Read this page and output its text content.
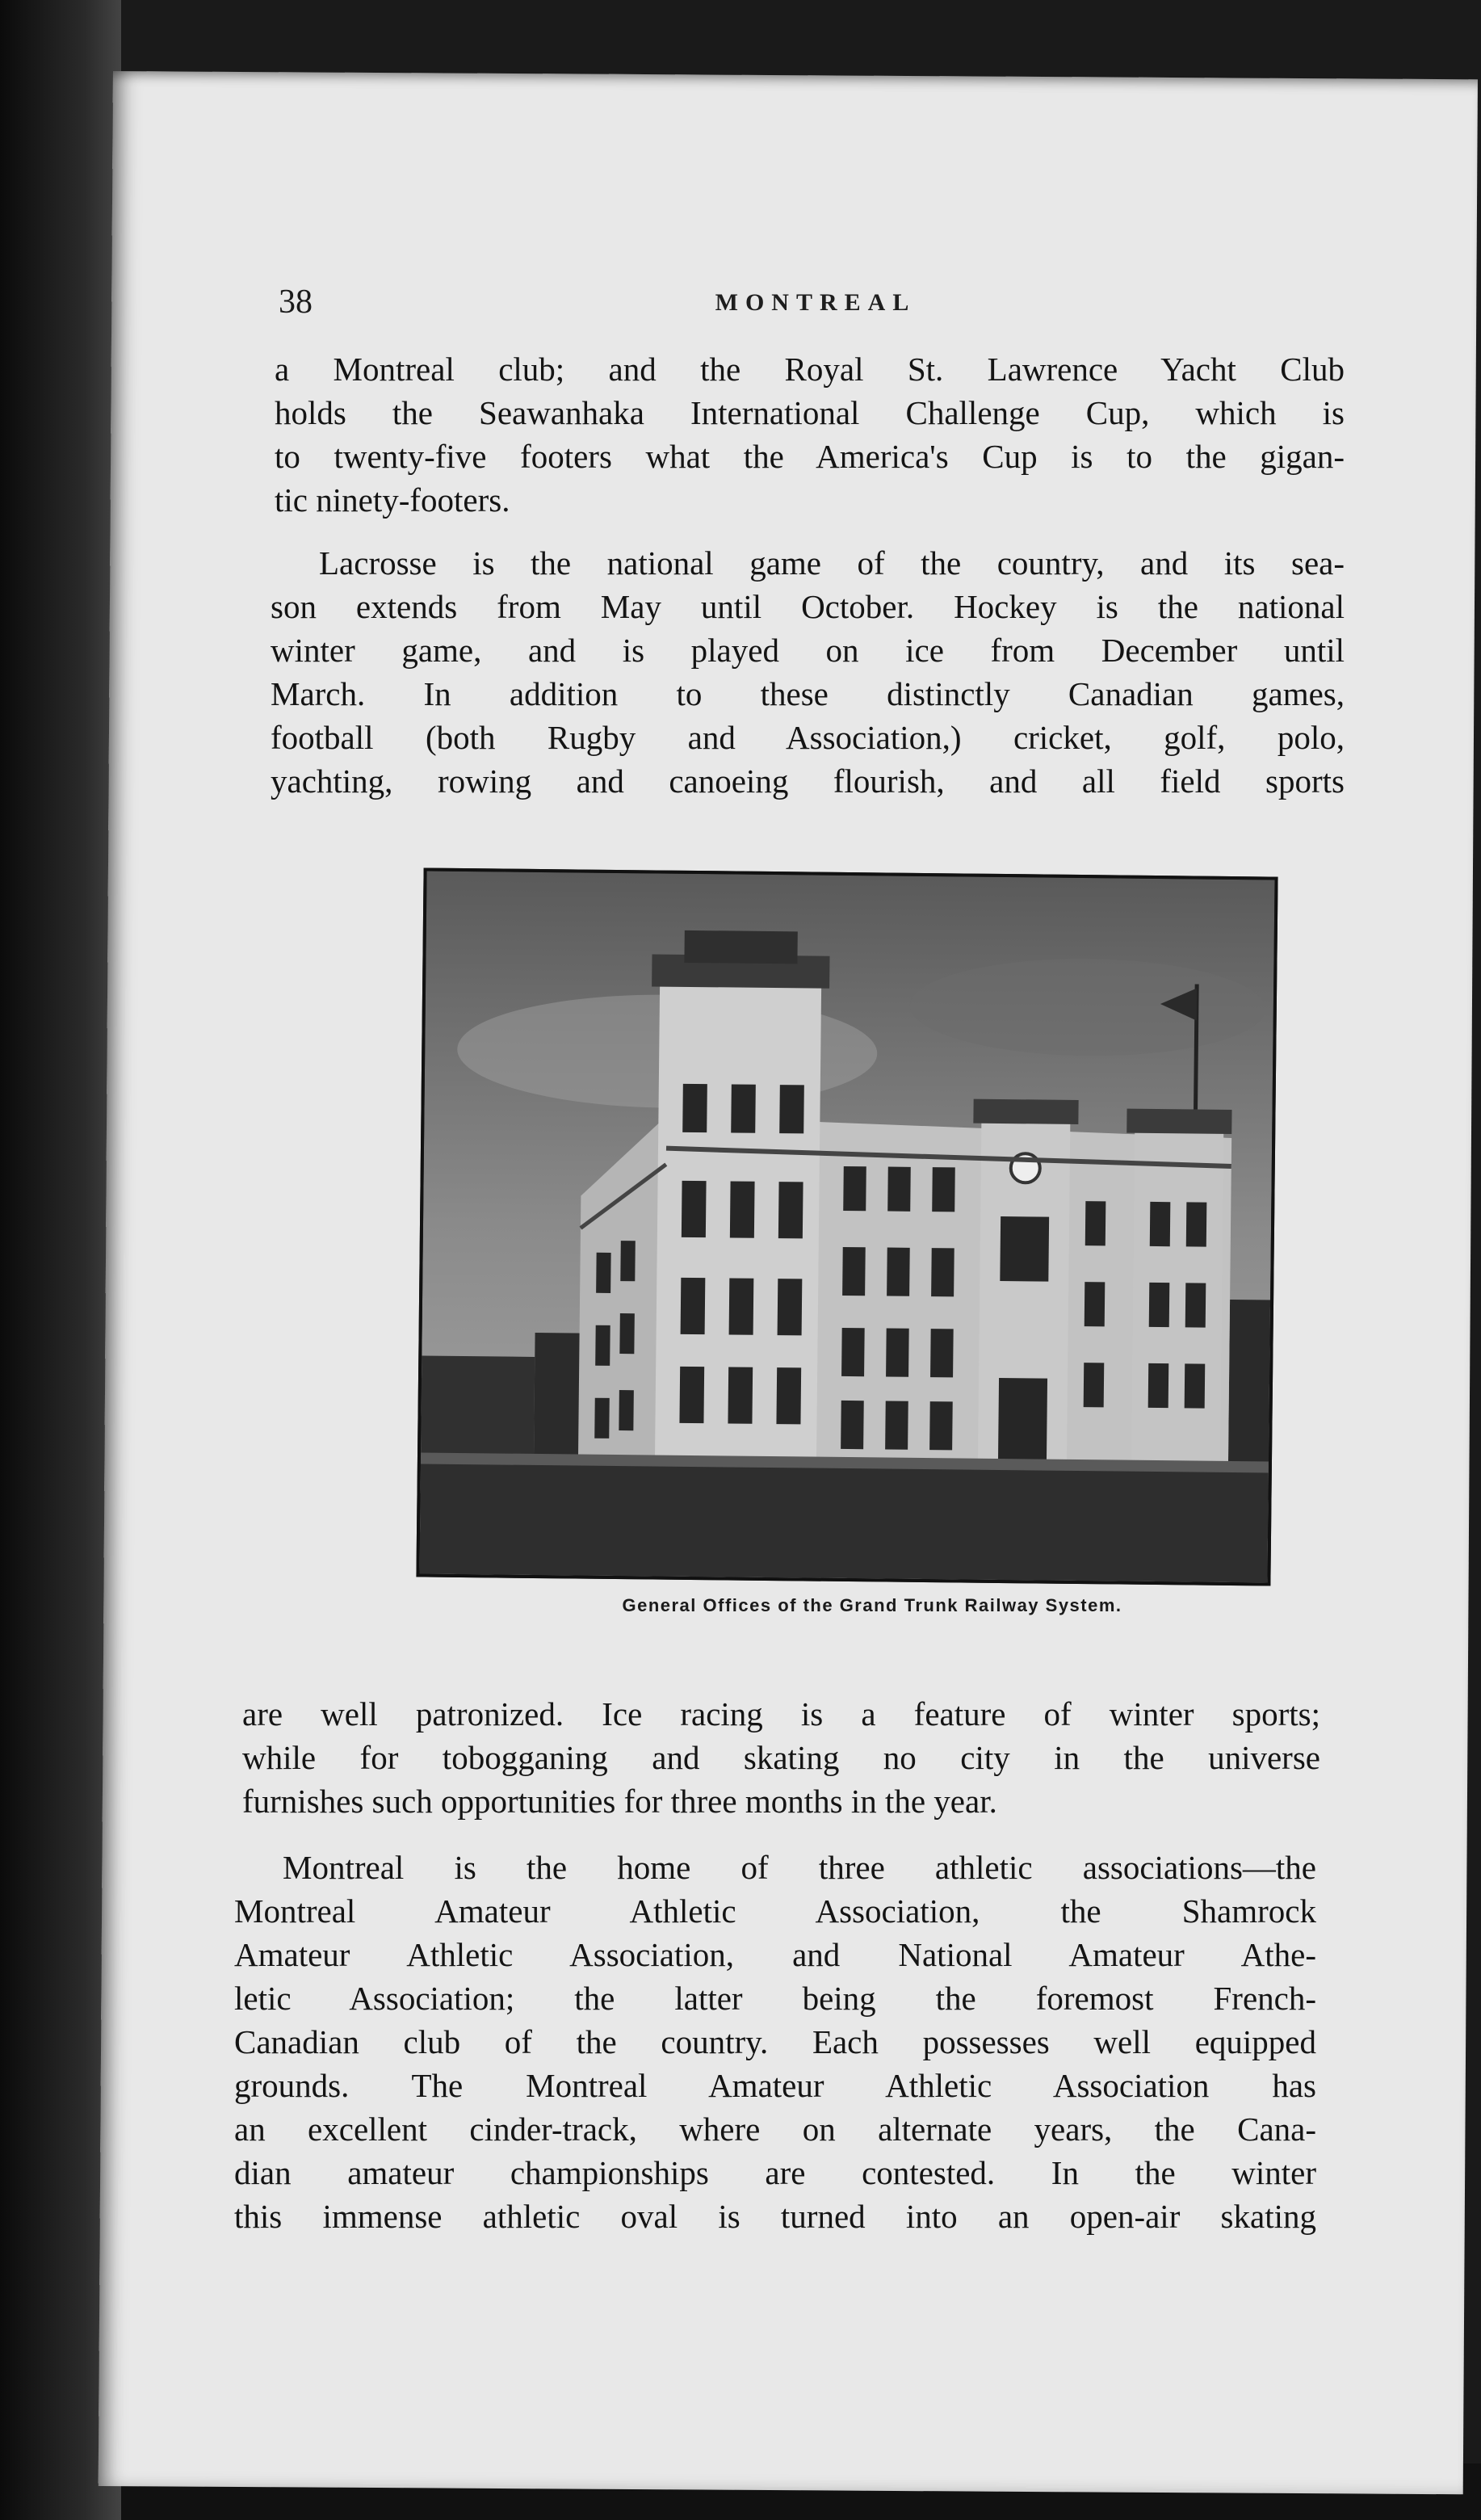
38	MONTREAL

a Montreal club; and the Royal St. Lawrence Yacht Club
holds the Seawanhaka International Challenge Cup, which is
to twenty-five footers what the America's Cup is to the gigan-
tic ninety-footers.

Lacrosse is the national game of the country, and its sea-
son extends from May until October. Hockey is the national
winter game, and is played on ice from December until
March. In addition to these distinctly Canadian games,
football (both Rugby and Association,) cricket, golf, polo,
yachting, rowing and canoeing flourish, and all field sports

General Offices of the Grand Trunk Railway System.

are well patronized. Ice racing is a feature of winter sports;
while for tobogganing and skating no city in the universe
furnishes such opportunities for three months in the year.

Montreal is the home of three athletic associations—the
Montreal Amateur Athletic Association, the Shamrock
Amateur Athletic Association, and National Amateur Athe-
letic Association; the latter being the foremost French-
Canadian club of the country. Each possesses well equipped
grounds. The Montreal Amateur Athletic Association has
an excellent cinder-track, where on alternate years, the Cana-
dian amateur championships are contested. In the winter
this immense athletic oval is turned into an open-air skating
